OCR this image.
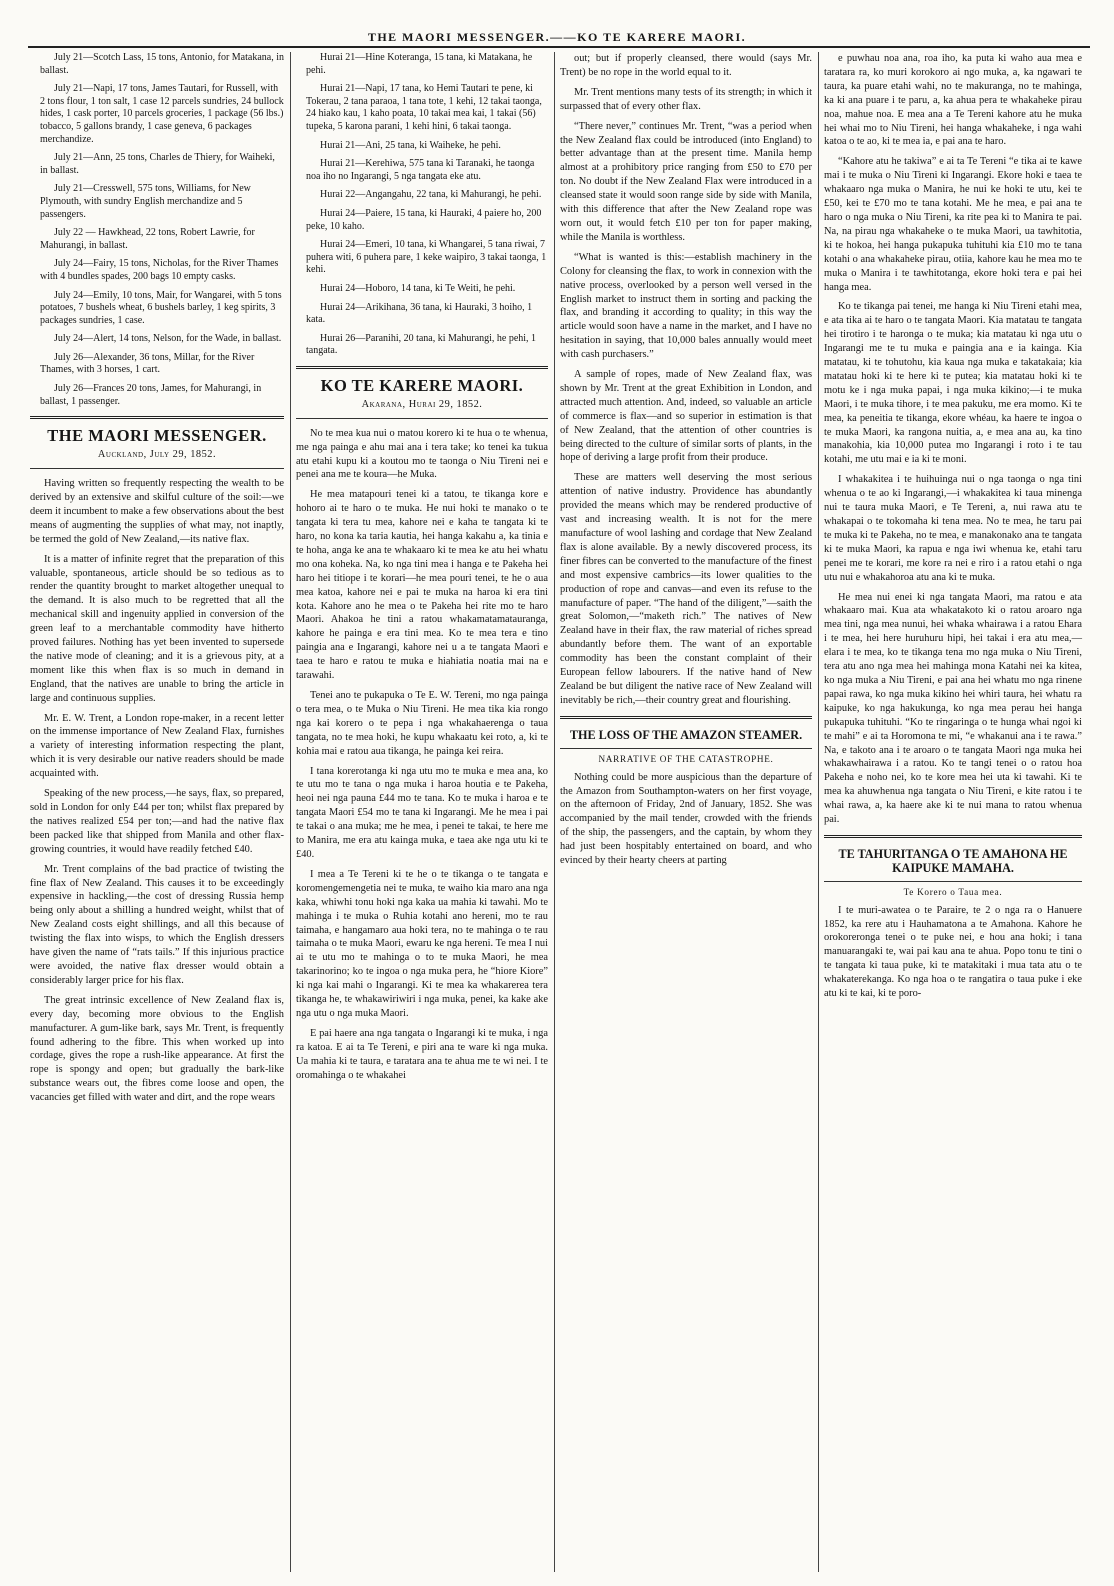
THE MAORI MESSENGER.——KO TE KARERE MAORI.

July 21—Scotch Lass, 15 tons, Antonio, for Matakana, in ballast.

July 21—Napi, 17 tons, James Tautari, for Russell, with 2 tons flour, 1 ton salt, 1 case 12 parcels sundries, 24 bullock hides, 1 cask porter, 10 parcels groceries, 1 package (56 lbs.) tobacco, 5 gallons brandy, 1 case geneva, 6 packages merchandize.

July 21—Ann, 25 tons, Charles de Thiery, for Waiheki, in ballast.

July 21—Cresswell, 575 tons, Williams, for New Plymouth, with sundry English merchandize and 5 passengers.

July 22 — Hawkhead, 22 tons, Robert Lawrie, for Mahurangi, in ballast.

July 24—Fairy, 15 tons, Nicholas, for the River Thames with 4 bundles spades, 200 bags 10 empty casks.

July 24—Emily, 10 tons, Mair, for Wangarei, with 5 tons potatoes, 7 bushels wheat, 6 bushels barley, 1 keg spirits, 3 packages sundries, 1 case.

July 24—Alert, 14 tons, Nelson, for the Wade, in ballast.

July 26—Alexander, 36 tons, Millar, for the River Thames, with 3 horses, 1 cart.

July 26—Frances 20 tons, James, for Mahurangi, in ballast, 1 passenger.

THE MAORI MESSENGER.
Auckland, July 29, 1852.

Having written so frequently respecting the wealth to be derived by an extensive and skilful culture of the soil:—we deem it incumbent to make a few observations about the best means of augmenting the supplies of what may, not inaptly, be termed the gold of New Zealand,—its native flax.

It is a matter of infinite regret that the preparation of this valuable, spontaneous, article should be so tedious as to render the quantity brought to market altogether unequal to the demand. It is also much to be regretted that all the mechanical skill and ingenuity applied in conversion of the green leaf to a merchantable commodity have hitherto proved failures. Nothing has yet been invented to supersede the native mode of cleaning; and it is a grievous pity, at a moment like this when flax is so much in demand in England, that the natives are unable to bring the article in large and continuous supplies.

Mr. E. W. Trent, a London rope-maker, in a recent letter on the immense importance of New Zealand Flax, furnishes a variety of interesting information respecting the plant, which it is very desirable our native readers should be made acquainted with.

Speaking of the new process,—he says, flax, so prepared, sold in London for only £44 per ton; whilst flax prepared by the natives realized £54 per ton;—and had the native flax been packed like that shipped from Manila and other flax-growing countries, it would have readily fetched £40.

Mr. Trent complains of the bad practice of twisting the fine flax of New Zealand. This causes it to be exceedingly expensive in hackling,—the cost of dressing Russia hemp being only about a shilling a hundred weight, whilst that of New Zealand costs eight shillings, and all this because of twisting the flax into wisps, to which the English dressers have given the name of “rats tails.” If this injurious practice were avoided, the native flax dresser would obtain a considerably larger price for his flax.

The great intrinsic excellence of New Zealand flax is, every day, becoming more obvious to the English manufacturer. A gum-like bark, says Mr. Trent, is frequently found adhering to the fibre. This when worked up into cordage, gives the rope a rush-like appearance. At first the rope is spongy and open; but gradually the bark-like substance wears out, the fibres come loose and open, the vacancies get filled with water and dirt, and the rope wears

Hurai 21—Hine Koteranga, 15 tana, ki Matakana, he pehi.

Hurai 21—Napi, 17 tana, ko Hemi Tautari te pene, ki Tokerau, 2 tana paraoa, 1 tana tote, 1 kehi, 12 takai taonga, 24 hiako kau, 1 kaho poata, 10 takai mea kai, 1 takai (56) tupeka, 5 karona parani, 1 kehi hini, 6 takai taonga.

Hurai 21—Ani, 25 tana, ki Waiheke, he pehi.

Hurai 21—Kerehiwa, 575 tana ki Taranaki, he taonga noa iho no Ingarangi, 5 nga tangata eke atu.

Hurai 22—Angangahu, 22 tana, ki Mahurangi, he pehi.

Hurai 24—Paiere, 15 tana, ki Hauraki, 4 paiere ho, 200 peke, 10 kaho.

Hurai 24—Emeri, 10 tana, ki Whangarei, 5 tana riwai, 7 puhera witi, 6 puhera pare, 1 keke waipiro, 3 takai taonga, 1 kehi.

Hurai 24—Hoboro, 14 tana, ki Te Weiti, he pehi.

Hurai 24—Arikihana, 36 tana, ki Hauraki, 3 hoiho, 1 kata.

Hurai 26—Paranihi, 20 tana, ki Mahurangi, he pehi, 1 tangata.

KO TE KARERE MAORI.
Akarana, Hurai 29, 1852.

No te mea kua nui o matou korero ki te hua o te whenua, me nga painga e ahu mai ana i tera take; ko tenei ka tukua atu etahi kupu ki a koutou mo te taonga o Niu Tireni nei e penei ana me te koura—he Muka.

He mea matapouri tenei ki a tatou, te tikanga kore e hohoro ai te haro o te muka. He nui hoki te manako o te tangata ki tera tu mea, kahore nei e kaha te tangata ki te haro, no kona ka taria kautia, hei hanga kakahu a, ka tinia e te hoha, anga ke ana te whakaaro ki te mea ke atu hei whatu mo ona koheka. Na, ko nga tini mea i hanga e te Pakeha hei haro hei titiope i te korari—he mea pouri tenei, te he o aua mea katoa, kahore nei e pai te muka na haroa ki era tini kota. Kahore ano he mea o te Pakeha hei rite mo te haro Maori. Ahakoa he tini a ratou whakamatamatauranga, kahore he painga e era tini mea. Ko te mea tera e tino paingia ana e Ingarangi, kahore nei u a te tangata Maori e taea te haro e ratou te muka e hiahiatia noatia mai na e tarawahi.

Tenei ano te pukapuka o Te E. W. Tereni, mo nga painga o tera mea, o te Muka o Niu Tireni. He mea tika kia rongo nga kai korero o te pepa i nga whakahaerenga o taua tangata, no te mea hoki, he kupu whakaatu kei roto, a, ki te kohia mai e ratou aua tikanga, he painga kei reira.

I tana korerotanga ki nga utu mo te muka e mea ana, ko te utu mo te tana o nga muka i haroa houtia e te Pakeha, heoi nei nga pauna £44 mo te tana. Ko te muka i haroa e te tangata Maori £54 mo te tana ki Ingarangi. Me he mea i pai te takai o ana muka; me he mea, i penei te takai, te here me to Manira, me era atu kainga muka, e taea ake nga utu ki te £40.

I mea a Te Tereni ki te he o te tikanga o te tangata e koromengemengetia nei te muka, te waiho kia maro ana nga kaka, whiwhi tonu hoki nga kaka ua mahia ki tawahi. Mo te mahinga i te muka o Ruhia kotahi ano hereni, mo te rau taimaha, e hangamaro aua hoki tera, no te mahinga o te rau taimaha o te muka Maori, ewaru ke nga hereni. Te mea I nui ai te utu mo te mahinga o to te muka Maori, he mea takarinorino; ko te ingoa o nga muka pera, he “hiore Kiore” ki nga kai mahi o Ingarangi. Ki te mea ka whakarerea tera tikanga he, te whakawiriwiri i nga muka, penei, ka kake ake nga utu o nga muka Maori.

E pai haere ana nga tangata o Ingarangi ki te muka, i nga ra katoa. E ai ta Te Tereni, e piri ana te ware ki nga muka. Ua mahia ki te taura, e taratara ana te ahua me te wi nei. I te oromahinga o te whakahei

out; but if properly cleansed, there would (says Mr. Trent) be no rope in the world equal to it.

Mr. Trent mentions many tests of its strength; in which it surpassed that of every other flax.

“There never,” continues Mr. Trent, “was a period when the New Zealand flax could be introduced (into England) to better advantage than at the present time. Manila hemp almost at a prohibitory price ranging from £50 to £70 per ton. No doubt if the New Zealand Flax were introduced in a cleansed state it would soon range side by side with Manila, with this difference that after the New Zealand rope was worn out, it would fetch £10 per ton for paper making, while the Manila is worthless.

“What is wanted is this:—establish machinery in the Colony for cleansing the flax, to work in connexion with the native process, overlooked by a person well versed in the English market to instruct them in sorting and packing the flax, and branding it according to quality; in this way the article would soon have a name in the market, and I have no hesitation in saying, that 10,000 bales annually would meet with cash purchasers.”

A sample of ropes, made of New Zealand flax, was shown by Mr. Trent at the great Exhibition in London, and attracted much attention. And, indeed, so valuable an article of commerce is flax—and so superior in estimation is that of New Zealand, that the attention of other countries is being directed to the culture of similar sorts of plants, in the hope of deriving a large profit from their produce.

These are matters well deserving the most serious attention of native industry. Providence has abundantly provided the means which may be rendered productive of vast and increasing wealth. It is not for the mere manufacture of wool lashing and cordage that New Zealand flax is alone available. By a newly discovered process, its finer fibres can be converted to the manufacture of the finest and most expensive cambrics—its lower qualities to the production of rope and canvas—and even its refuse to the manufacture of paper. “The hand of the diligent,”—saith the great Solomon,—“maketh rich.” The natives of New Zealand have in their flax, the raw material of riches spread abundantly before them. The want of an exportable commodity has been the constant complaint of their European fellow labourers. If the native hand of New Zealand be but diligent the native race of New Zealand will inevitably be rich,—their country great and flourishing.

THE LOSS OF THE AMAZON STEAMER.
NARRATIVE OF THE CATASTROPHE.

Nothing could be more auspicious than the departure of the Amazon from Southampton-waters on her first voyage, on the afternoon of Friday, 2nd of January, 1852. She was accompanied by the mail tender, crowded with the friends of the ship, the passengers, and the captain, by whom they had just been hospitably entertained on board, and who evinced by their hearty cheers at parting

e puwhau noa ana, roa iho, ka puta ki waho aua mea e taratara ra, ko muri korokoro ai ngo muka, a, ka ngawari te taura, ka puare etahi wahi, no te makuranga, no te mahinga, ka ki ana puare i te paru, a, ka ahua pera te whakaheke pirau noa, mahue noa. E mea ana a Te Tereni kahore atu he muka hei whai mo to Niu Tireni, hei hanga whakaheke, i nga wahi katoa o te ao, ki te mea ia, e pai ana te haro.

“Kahore atu he takiwa” e ai ta Te Tereni “e tika ai te kawe mai i te muka o Niu Tireni ki Ingarangi. Ekore hoki e taea te whakaaro nga muka o Manira, he nui ke hoki te utu, kei te £50, kei te £70 mo te tana kotahi. Me he mea, e pai ana te haro o nga muka o Niu Tireni, ka rite pea ki to Manira te pai. Na, na pirau nga whakaheke o te muka Maori, ua tawhitotia, ki te hokoa, hei hanga pukapuka tuhituhi kia £10 mo te tana kotahi o ana whakaheke pirau, otiia, kahore kau he mea mo te muka o Manira i te tawhitotanga, ekore hoki tera e pai hei hanga mea.

Ko te tikanga pai tenei, me hanga ki Niu Tireni etahi mea, e ata tika ai te haro o te tangata Maori. Kia matatau te tangata hei tirotiro i te haronga o te muka; kia matatau ki nga utu o Ingarangi me te tu muka e paingia ana e ia kainga. Kia matatau, ki te tohutohu, kia kaua nga muka e takatakaia; kia matatau hoki ki te here ki te putea; kia matatau hoki ki te motu ke i nga muka papai, i nga muka kikino;—i te muka Maori, i te muka tihore, i te mea pakuku, me era momo. Ki te mea, ka peneitia te tikanga, ekore whéau, ka haere te ingoa o te muka Maori, ka rangona nuitia, a, e mea ana au, ka tino manakohia, kia 10,000 putea mo Ingarangi i roto i te tau kotahi, me utu mai e ia ki te moni.

I whakakitea i te huihuinga nui o nga taonga o nga tini whenua o te ao ki Ingarangi,—i whakakitea ki taua minenga nui te taura muka Maori, e Te Tereni, a, nui rawa atu te whakapai o te tokomaha ki tena mea. No te mea, he taru pai te muka ki te Pakeha, no te mea, e manakonako ana te tangata ki te muka Maori, ka rapua e nga iwi whenua ke, etahi taru penei me te korari, me kore ra nei e riro i a ratou etahi o nga utu nui e whakahoroa atu ana ki te muka.

He mea nui enei ki nga tangata Maori, ma ratou e ata whakaaro mai. Kua ata whakatakoto ki o ratou aroaro nga mea tini, nga mea nunui, hei whaka whairawa i a ratou Ehara i te mea, hei here huruhuru hipi, hei takai i era atu mea,—elara i te mea, ko te tikanga tena mo nga muka o Niu Tireni, tera atu ano nga mea hei mahinga mona Katahi nei ka kitea, ko nga muka a Niu Tireni, e pai ana hei whatu mo nga rinene papai rawa, ko nga muka kikino hei whiri taura, hei whatu ra kaipuke, ko nga hakukunga, ko nga mea perau hei hanga pukapuka tuhituhi. “Ko te ringaringa o te hunga whai ngoi ki te mahi” e ai ta Horomona te mi, “e whakanui ana i te rawa.” Na, e takoto ana i te aroaro o te tangata Maori nga muka hei whakawhairawa i a ratou. Ko te tangi tenei o o ratou hoa Pakeha e noho nei, ko te kore mea hei uta ki tawahi. Ki te mea ka ahuwhenua nga tangata o Niu Tireni, e kite ratou i te whai rawa, a, ka haere ake ki te nui mana to ratou whenua pai.

TE TAHURITANGA O TE AMAHONA HE KAIPUKE MAMAHA.
Te Korero o Taua mea.

I te muri-awatea o te Paraire, te 2 o nga ra o Hanuere 1852, ka rere atu i Hauhamatona a te Amahona. Kahore he orokoreronga tenei o te puke nei, e hou ana hoki; i tana manuarangaki te, wai pai kau ana te ahua. Popo tonu te tini o te tangata ki taua puke, ki te matakitaki i mua tata atu o te whakaterekanga. Ko nga hoa o te rangatira o taua puke i eke atu ki te kai, ki te poro-
